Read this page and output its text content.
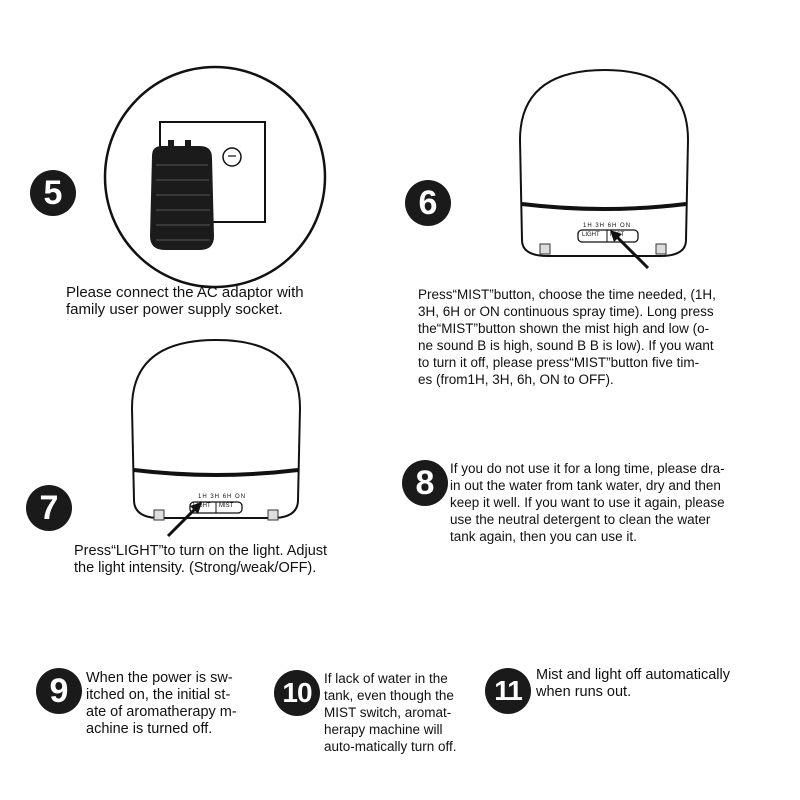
1H 3H 6H ON
LIGHT MIST
1H 3H 6H ON
LIGHT MIST
5	6
7
8
9	10	11
Please connect the AC adaptor with
family user power supply socket.
Press“MIST”button, choose the time needed, (1H,
3H, 6H or ON continuous spray time). Long press
the“MIST”button shown the mist high and low (o-
ne sound B is high, sound B B is low). If you want
to turn it off, please press“MIST”button five tim-
es (from1H, 3H, 6h, ON to OFF).
Press“LIGHT”to turn on the light. Adjust
the light intensity. (Strong/weak/OFF).
If you do not use it for a long time, please dra-
in out the water from tank water, dry and then
keep it well. If you want to use it again, please
use the neutral detergent to clean the water
tank again, then you can use it.
When the power is sw-
itched on, the initial st-
ate of aromatherapy m-
achine is turned off.
If lack of water in the
tank, even though the
MIST switch, aromat-
herapy machine will
auto-matically turn off.
Mist and light off automatically
when runs out.
